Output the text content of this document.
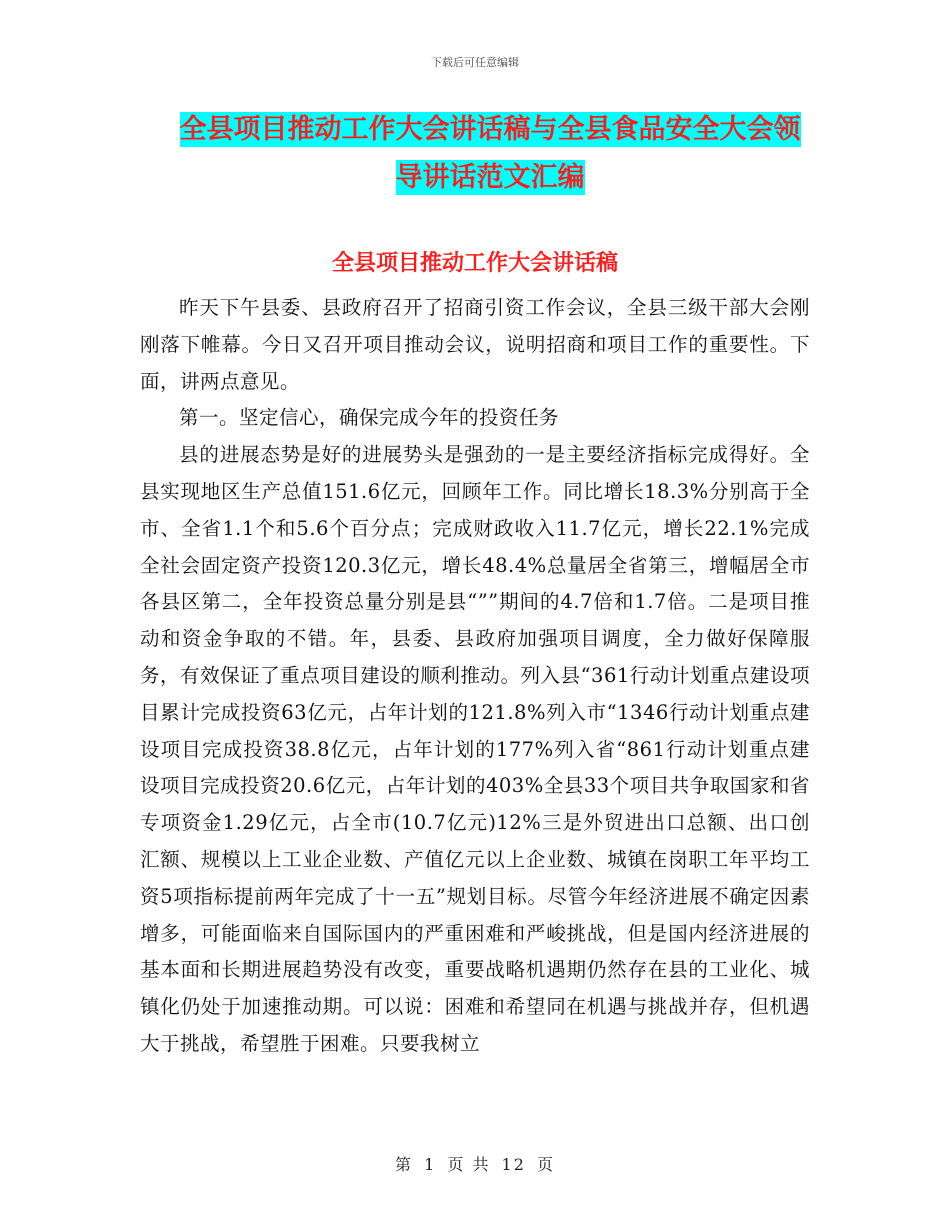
下载后可任意编辑
全县项目推动工作大会讲话稿与全县食品安全大会领
导讲话范文汇编
全县项目推动工作大会讲话稿

昨天下午县委、县政府召开了招商引资工作会议，全县三级干部大会刚刚落下帷幕。今日又召开项目推动会议，说明招商和项目工作的重要性。下面，讲两点意见。

第一。坚定信心，确保完成今年的投资任务

县的进展态势是好的进展势头是强劲的一是主要经济指标完成得好。全县实现地区生产总值151.6亿元，回顾年工作。同比增长18.3%分别高于全市、全省1.1个和5.6个百分点；完成财政收入11.7亿元，增长22.1%完成全社会固定资产投资120.3亿元，增长48.4%总量居全省第三，增幅居全市各县区第二，全年投资总量分别是县“””期间的4.7倍和1.7倍。二是项目推动和资金争取的不错。年，县委、县政府加强项目调度，全力做好保障服务，有效保证了重点项目建设的顺利推动。列入县“361行动计划重点建设项目累计完成投资63亿元，占年计划的121.8%列入市“1346行动计划重点建设项目完成投资38.8亿元，占年计划的177%列入省“861行动计划重点建设项目完成投资20.6亿元，占年计划的403%全县33个项目共争取国家和省专项资金1.29亿元，占全市(10.7亿元)12%三是外贸进出口总额、出口创汇额、规模以上工业企业数、产值亿元以上企业数、城镇在岗职工年平均工资5项指标提前两年完成了十一五”规划目标。尽管今年经济进展不确定因素增多，可能面临来自国际国内的严重困难和严峻挑战，但是国内经济进展的基本面和长期进展趋势没有改变，重要战略机遇期仍然存在县的工业化、城镇化仍处于加速推动期。可以说：困难和希望同在机遇与挑战并存，但机遇大于挑战，希望胜于困难。只要我树立

第 1 页 共 12 页
